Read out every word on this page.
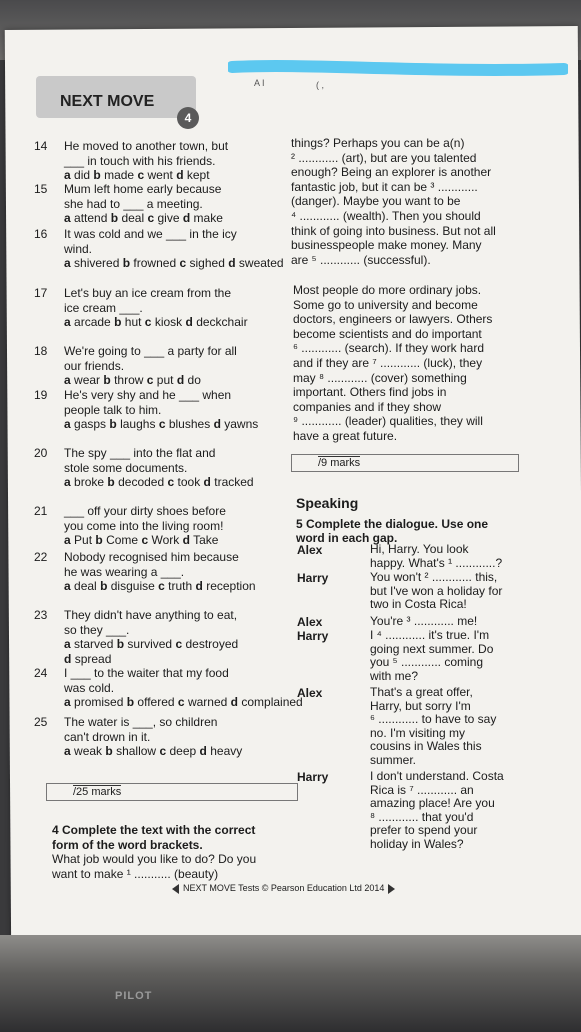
NEXT MOVE
4
A I	( ,
14	He moved to another town, but
___ in touch with his friends.
a did b made c went d kept
15	Mum left home early because
she had to ___ a meeting.
a attend b deal c give d make
16	It was cold and we ___ in the icy
wind.
a shivered b frowned c sighed d sweated
17	Let's buy an ice cream from the
ice cream ___.
a arcade b hut c kiosk d deckchair
18	We're going to ___ a party for all
our friends.
a wear b throw c put d do
19	He's very shy and he ___ when
people talk to him.
a gasps b laughs c blushes d yawns
20	The spy ___ into the flat and
stole some documents.
a broke b decoded c took d tracked
21	___ off your dirty shoes before
you come into the living room!
a Put b Come c Work d Take
22	Nobody recognised him because
he was wearing a ___.
a deal b disguise c truth d reception
23	They didn't have anything to eat,
so they ___.
a starved b survived c destroyed
d spread
24	I ___ to the waiter that my food
was cold.
a promised b offered c warned d complained
25	The water is ___, so children
can't drown in it.
a weak b shallow c deep d heavy
/25 marks
4 Complete the text with the correct
form of the word brackets.
What job would you like to do? Do you
want to make ¹ ........... (beauty)
things? Perhaps you can be a(n)
² ............ (art), but are you talented
enough? Being an explorer is another
fantastic job, but it can be ³ ............
(danger). Maybe you want to be
⁴ ............ (wealth). Then you should
think of going into business. But not all
businesspeople make money. Many
are ⁵ ............ (successful).
Most people do more ordinary jobs.
Some go to university and become
doctors, engineers or lawyers. Others
become scientists and do important
⁶ ............ (search). If they work hard
and if they are ⁷ ............ (luck), they
may ⁸ ............ (cover) something
important. Others find jobs in
companies and if they show
⁹ ............ (leader) qualities, they will
have a great future.
/9 marks
Speaking
5 Complete the dialogue. Use one
word in each gap.
Alex	Hi, Harry. You look
happy. What's ¹ ............?
Harry	You won't ² ............ this,
but I've won a holiday for
two in Costa Rica!
Alex	You're ³ ............ me!
Harry	I ⁴ ............ it's true. I'm
going next summer. Do
you ⁵ ............ coming
with me?
Alex	That's a great offer,
Harry, but sorry I'm
⁶ ............ to have to say
no. I'm visiting my
cousins in Wales this
summer.
Harry	I don't understand. Costa
Rica is ⁷ ............ an
amazing place! Are you
⁸ ............ that you'd
prefer to spend your
holiday in Wales?
NEXT MOVE Tests © Pearson Education Ltd 2014
PILOT
